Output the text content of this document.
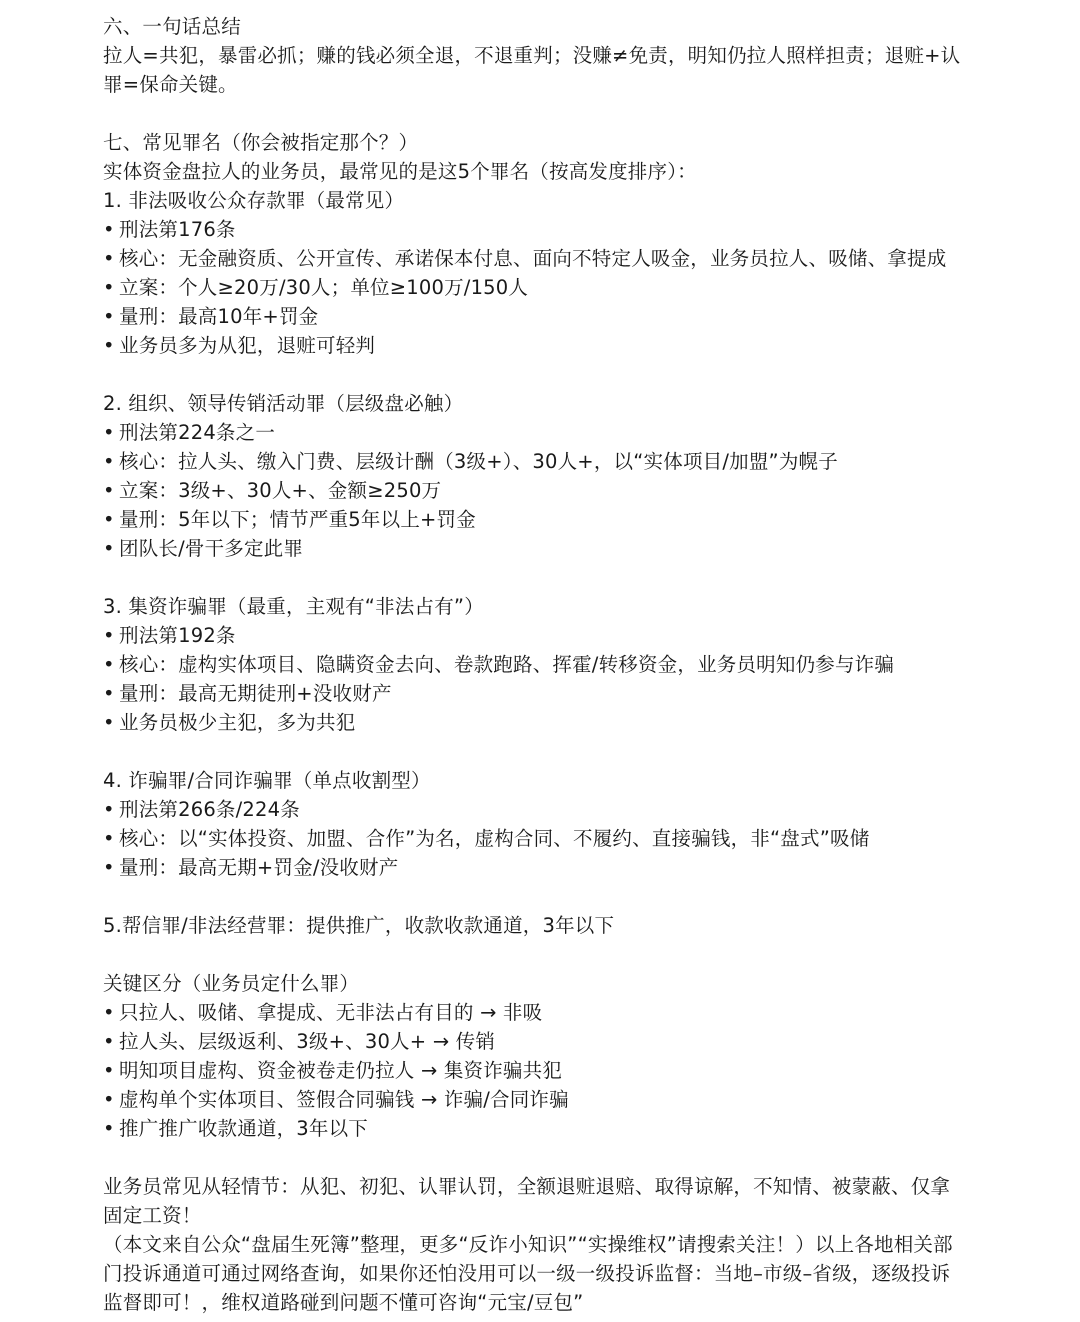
六、一句话总结
拉人=共犯，暴雷必抓；赚的钱必须全退，不退重判；没赚≠免责，明知仍拉人照样担责；退赃+认
罪=保命关键。
七、常见罪名（你会被指定那个？）
实体资金盘拉人的业务员，最常见的是这5个罪名（按高发度排序）：
1. 非法吸收公众存款罪（最常见）
• 刑法第176条
• 核心：无金融资质、公开宣传、承诺保本付息、面向不特定人吸金，业务员拉人、吸储、拿提成
• 立案：个人≥20万/30人；单位≥100万/150人
• 量刑：最高10年+罚金
• 业务员多为从犯，退赃可轻判
2. 组织、领导传销活动罪（层级盘必触）
• 刑法第224条之一
• 核心：拉人头、缴入门费、层级计酬（3级+）、30人+，以“实体项目/加盟”为幌子
• 立案：3级+、30人+、金额≥250万
• 量刑：5年以下；情节严重5年以上+罚金
• 团队长/骨干多定此罪
3. 集资诈骗罪（最重，主观有“非法占有”）
• 刑法第192条
• 核心：虚构实体项目、隐瞒资金去向、卷款跑路、挥霍/转移资金，业务员明知仍参与诈骗
• 量刑：最高无期徒刑+没收财产
• 业务员极少主犯，多为共犯
4. 诈骗罪/合同诈骗罪（单点收割型）
• 刑法第266条/224条
• 核心：以“实体投资、加盟、合作”为名，虚构合同、不履约、直接骗钱，非“盘式”吸储
• 量刑：最高无期+罚金/没收财产
5.帮信罪/非法经营罪：提供推广，收款收款通道，3年以下
关键区分（业务员定什么罪）
• 只拉人、吸储、拿提成、无非法占有目的 → 非吸
• 拉人头、层级返利、3级+、30人+ → 传销
• 明知项目虚构、资金被卷走仍拉人 → 集资诈骗共犯
• 虚构单个实体项目、签假合同骗钱 → 诈骗/合同诈骗
• 推广推广收款通道，3年以下
业务员常见从轻情节：从犯、初犯、认罪认罚，全额退赃退赔、取得谅解，不知情、被蒙蔽、仅拿
固定工资！
（本文来自公众“盘届生死簿”整理，更多“反诈小知识”“实操维权”请搜索关注！）以上各地相关部
门投诉通道可通过网络查询，如果你还怕没用可以一级一级投诉监督：当地–市级–省级，逐级投诉
监督即可！，维权道路碰到问题不懂可咨询“元宝/豆包”
